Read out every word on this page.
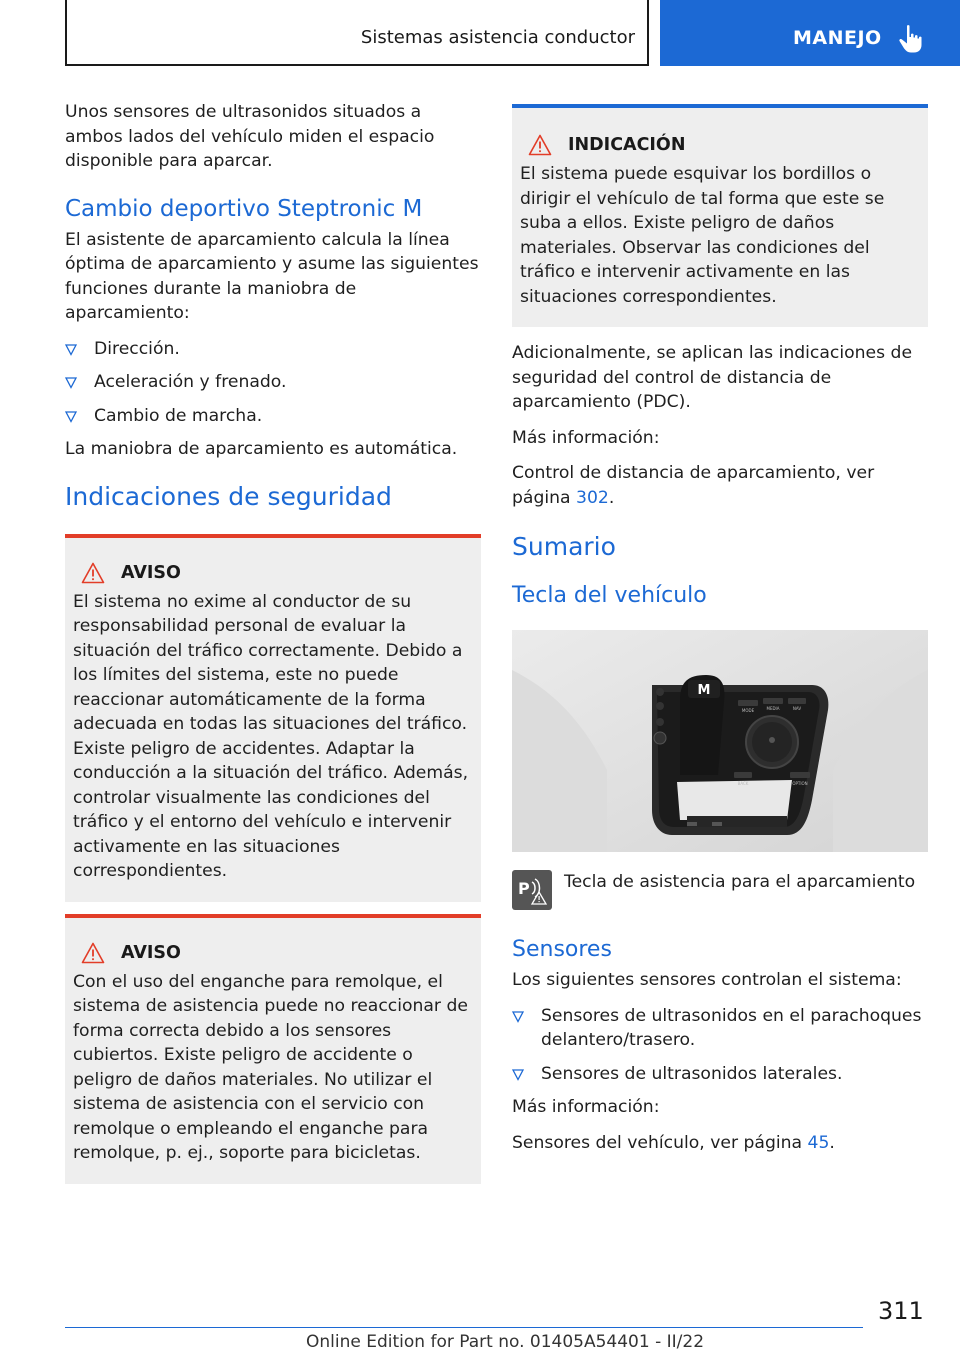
Sistemas asistencia conductor	MANEJO

Unos sensores de ultrasonidos situados a ambos lados del vehículo miden el espacio disponible para aparcar.

Cambio deportivo Steptronic M

El asistente de aparcamiento calcula la línea óptima de aparcamiento y asume las siguientes funciones durante la maniobra de aparcamiento:

Dirección.
Aceleración y frenado.
Cambio de marcha.

La maniobra de aparcamiento es automática.

Indicaciones de seguridad
AVISO

El sistema no exime al conductor de su responsabilidad personal de evaluar la situación del tráfico correctamente. Debido a los límites del sistema, este no puede reaccionar automáticamente de la forma adecuada en todas las situaciones del tráfico. Existe peligro de accidentes. Adaptar la conducción a la situación del tráfico. Además, controlar visualmente las condiciones del tráfico y el entorno del vehículo e intervenir activamente en las situaciones correspondientes.

AVISO

Con el uso del enganche para remolque, el sistema de asistencia puede no reaccionar de forma correcta debido a los sensores cubiertos. Existe peligro de accidente o peligro de daños materiales. No utilizar el sistema de asistencia con el servicio con remolque o empleando el enganche para remolque, p. ej., soporte para bicicletas.

INDICACIÓN

El sistema puede esquivar los bordillos o dirigir el vehículo de tal forma que este se suba a ellos. Existe peligro de daños materiales. Observar las condiciones del tráfico e intervenir activamente en las situaciones correspondientes.

Adicionalmente, se aplican las indicaciones de seguridad del control de distancia de aparcamiento (PDC).

Más información:

Control de distancia de aparcamiento, ver página 302.

Sumario
Tecla del vehículo
M
MODE	MEDIA	NAV
BACK	OPTION
P Tecla de asistencia para el aparcamiento

Sensores

Los siguientes sensores controlan el sistema:

Sensores de ultrasonidos en el parachoques delantero/trasero.
Sensores de ultrasonidos laterales.

Más información:

Sensores del vehículo, ver página 45.

311
Online Edition for Part no. 01405A54401 - II/22
